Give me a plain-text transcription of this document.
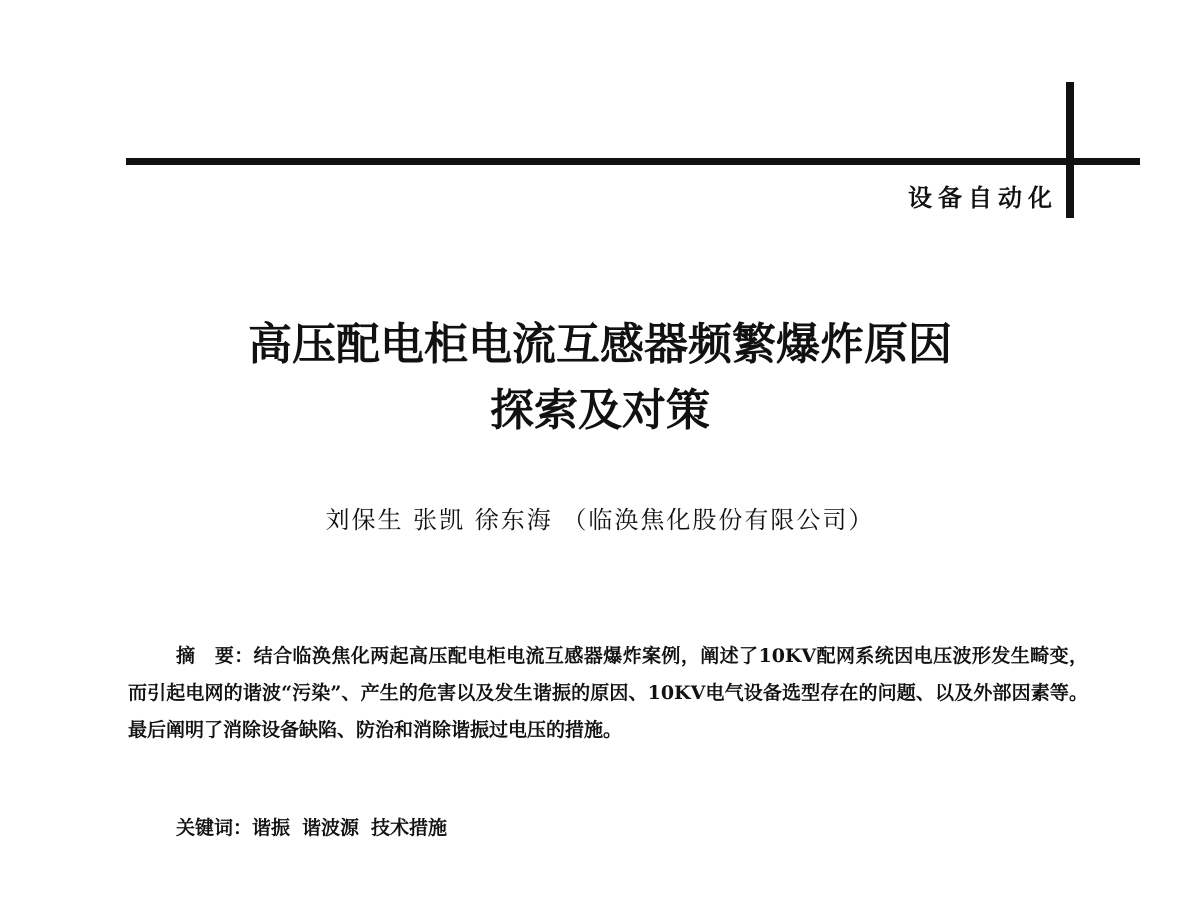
设备自动化
高压配电柜电流互感器频繁爆炸原因
探索及对策
刘保生 张凯 徐东海 （临涣焦化股份有限公司）
摘　要：结合临涣焦化两起高压配电柜电流互感器爆炸案例，阐述了10KV配网系统因电压波形发生畸变，而引起电网的谐波“污染”、产生的危害以及发生谐振的原因、10KV电气设备选型存在的问题、以及外部因素等。最后阐明了消除设备缺陷、防治和消除谐振过电压的措施。
关键词：谐振 谐波源 技术措施
